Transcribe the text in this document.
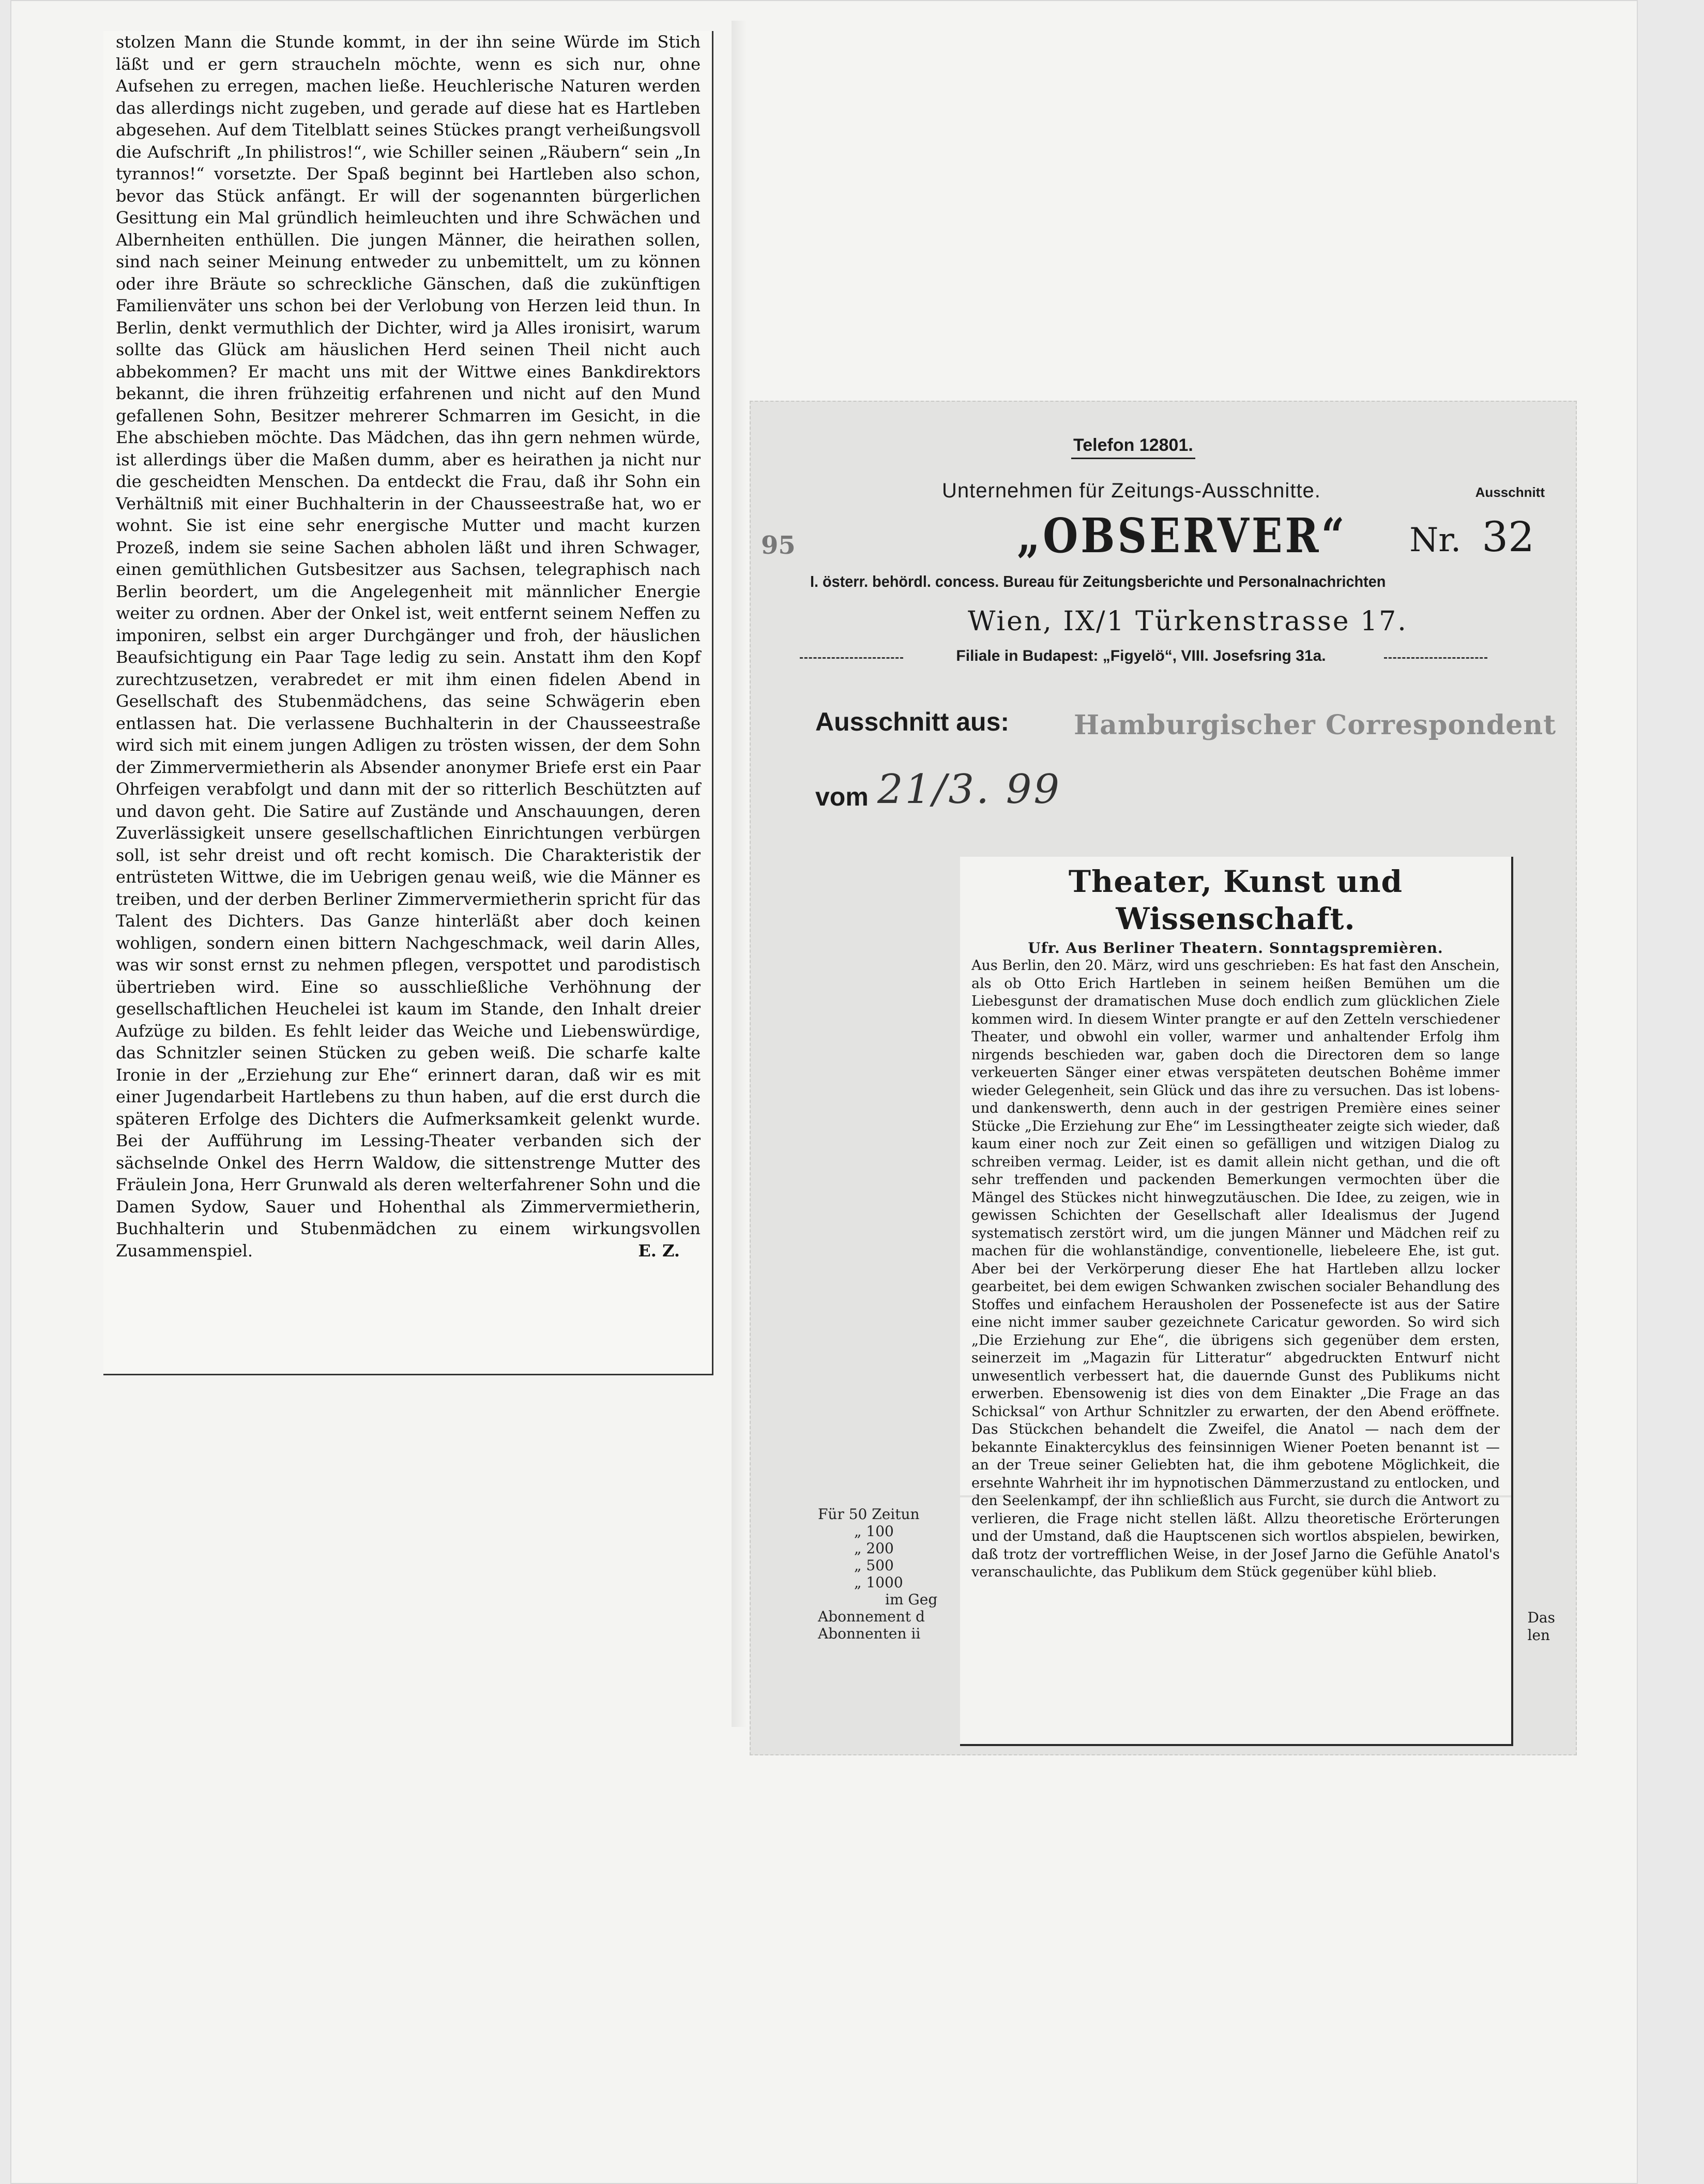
stolzen Mann die Stunde kommt, in der ihn seine Würde im Stich läßt und er gern straucheln möchte, wenn es sich nur, ohne Aufsehen zu erregen, machen ließe. Heuchlerische Naturen werden das allerdings nicht zugeben, und gerade auf diese hat es Hartleben abgesehen. Auf dem Titelblatt seines Stückes prangt verheißungsvoll die Aufschrift „In philistros!“, wie Schiller seinen „Räubern“ sein „In tyrannos!“ vorsetzte. Der Spaß beginnt bei Hartleben also schon, bevor das Stück anfängt. Er will der sogenannten bürgerlichen Gesittung ein Mal gründlich heimleuchten und ihre Schwächen und Albernheiten enthüllen. Die jungen Männer, die heirathen sollen, sind nach seiner Meinung entweder zu unbemittelt, um zu können oder ihre Bräute so schreckliche Gänschen, daß die zukünftigen Familienväter uns schon bei der Verlobung von Herzen leid thun. In Berlin, denkt vermuthlich der Dichter, wird ja Alles ironisirt, warum sollte das Glück am häuslichen Herd seinen Theil nicht auch abbekommen? Er macht uns mit der Wittwe eines Bankdirektors bekannt, die ihren frühzeitig erfahrenen und nicht auf den Mund gefallenen Sohn, Besitzer mehrerer Schmarren im Gesicht, in die Ehe abschieben möchte. Das Mädchen, das ihn gern nehmen würde, ist allerdings über die Maßen dumm, aber es heirathen ja nicht nur die gescheidten Menschen. Da entdeckt die Frau, daß ihr Sohn ein Verhältniß mit einer Buchhalterin in der Chausseestraße hat, wo er wohnt. Sie ist eine sehr energische Mutter und macht kurzen Prozeß, indem sie seine Sachen abholen läßt und ihren Schwager, einen gemüthlichen Gutsbesitzer aus Sachsen, telegraphisch nach Berlin beordert, um die Angelegenheit mit männlicher Energie weiter zu ordnen. Aber der Onkel ist, weit entfernt seinem Neffen zu imponiren, selbst ein arger Durchgänger und froh, der häuslichen Beaufsichtigung ein Paar Tage ledig zu sein. Anstatt ihm den Kopf zurechtzusetzen, verabredet er mit ihm einen fidelen Abend in Gesellschaft des Stubenmädchens, das seine Schwägerin eben entlassen hat. Die verlassene Buchhalterin in der Chausseestraße wird sich mit einem jungen Adligen zu trösten wissen, der dem Sohn der Zimmervermietherin als Absender anonymer Briefe erst ein Paar Ohrfeigen verabfolgt und dann mit der so ritterlich Beschützten auf und davon geht. Die Satire auf Zustände und Anschauungen, deren Zuverlässigkeit unsere gesellschaftlichen Einrichtungen verbürgen soll, ist sehr dreist und oft recht komisch. Die Charakteristik der entrüsteten Wittwe, die im Uebrigen genau weiß, wie die Männer es treiben, und der derben Berliner Zimmervermietherin spricht für das Talent des Dichters. Das Ganze hinterläßt aber doch keinen wohligen, sondern einen bittern Nachgeschmack, weil darin Alles, was wir sonst ernst zu nehmen pflegen, verspottet und parodistisch übertrieben wird. Eine so ausschließliche Verhöhnung der gesellschaftlichen Heuchelei ist kaum im Stande, den Inhalt dreier Aufzüge zu bilden. Es fehlt leider das Weiche und Liebenswürdige, das Schnitzler seinen Stücken zu geben weiß. Die scharfe kalte Ironie in der „Erziehung zur Ehe“ erinnert daran, daß wir es mit einer Jugendarbeit Hartlebens zu thun haben, auf die erst durch die späteren Erfolge des Dichters die Aufmerksamkeit gelenkt wurde. Bei der Aufführung im Lessing-Theater verbanden sich der sächselnde Onkel des Herrn Waldow, die sittenstrenge Mutter des Fräulein Jona, Herr Grunwald als deren welterfahrener Sohn und die Damen Sydow, Sauer und Hohenthal als Zimmervermietherin, Buchhalterin und Stubenmädchen zu einem wirkungsvollen Zusammenspiel.	E. Z.
Telefon 12801.
Unternehmen für Zeitungs-Ausschnitte.	Ausschnitt
95	„OBSERVER“ Nr. 32
I. österr. behördl. concess. Bureau für Zeitungsberichte und Personalnachrichten
Wien, IX/1 Türkenstrasse 17.
Filiale in Budapest: „Figyelö“, VIII. Josefsring 31a.
Ausschnitt aus: Hamburgischer Correspondent
vom 21/3. 99
Für 50 Zeitun
„ 100
„ 200
„ 500
„ 1000
im Geg
Abonnement d
Abonnenten ii
Das
len
Theater, Kunst und Wissenschaft.
Ufr. Aus Berliner Theatern. Sonntagspremièren.

Aus Berlin, den 20. März, wird uns geschrieben: Es hat fast den Anschein, als ob Otto Erich Hartleben in seinem heißen Bemühen um die Liebesgunst der dramatischen Muse doch endlich zum glücklichen Ziele kommen wird. In diesem Winter prangte er auf den Zetteln verschiedener Theater, und obwohl ein voller, warmer und anhaltender Erfolg ihm nirgends beschieden war, gaben doch die Directoren dem so lange verkeuerten Sänger einer etwas verspäteten deutschen Bohême immer wieder Gelegenheit, sein Glück und das ihre zu versuchen. Das ist lobens- und dankenswerth, denn auch in der gestrigen Première eines seiner Stücke „Die Erziehung zur Ehe“ im Lessingtheater zeigte sich wieder, daß kaum einer noch zur Zeit einen so gefälligen und witzigen Dialog zu schreiben vermag. Leider, ist es damit allein nicht gethan, und die oft sehr treffenden und packenden Bemerkungen vermochten über die Mängel des Stückes nicht hinwegzutäuschen. Die Idee, zu zeigen, wie in gewissen Schichten der Gesellschaft aller Idealismus der Jugend systematisch zerstört wird, um die jungen Männer und Mädchen reif zu machen für die wohlanständige, conventionelle, liebeleere Ehe, ist gut. Aber bei der Verkörperung dieser Ehe hat Hartleben allzu locker gearbeitet, bei dem ewigen Schwanken zwischen socialer Behandlung des Stoffes und einfachem Herausholen der Possenefecte ist aus der Satire eine nicht immer sauber gezeichnete Caricatur geworden. So wird sich „Die Erziehung zur Ehe“, die übrigens sich gegenüber dem ersten, seinerzeit im „Magazin für Litteratur“ abgedruckten Entwurf nicht unwesentlich verbessert hat, die dauernde Gunst des Publikums nicht erwerben. Ebensowenig ist dies von dem Einakter „Die Frage an das Schicksal“ von Arthur Schnitzler zu erwarten, der den Abend eröffnete. Das Stückchen behandelt die Zweifel, die Anatol — nach dem der bekannte Einaktercyklus des feinsinnigen Wiener Poeten benannt ist — an der Treue seiner Geliebten hat, die ihm gebotene Möglichkeit, die ersehnte Wahrheit ihr im hypnotischen Dämmerzustand zu entlocken, und den Seelenkampf, der ihn schließlich aus Furcht, sie durch die Antwort zu verlieren, die Frage nicht stellen läßt. Allzu theoretische Erörterungen und der Umstand, daß die Hauptscenen sich wortlos abspielen, bewirken, daß trotz der vortrefflichen Weise, in der Josef Jarno die Gefühle Anatol's veranschaulichte, das Publikum dem Stück gegenüber kühl blieb.
